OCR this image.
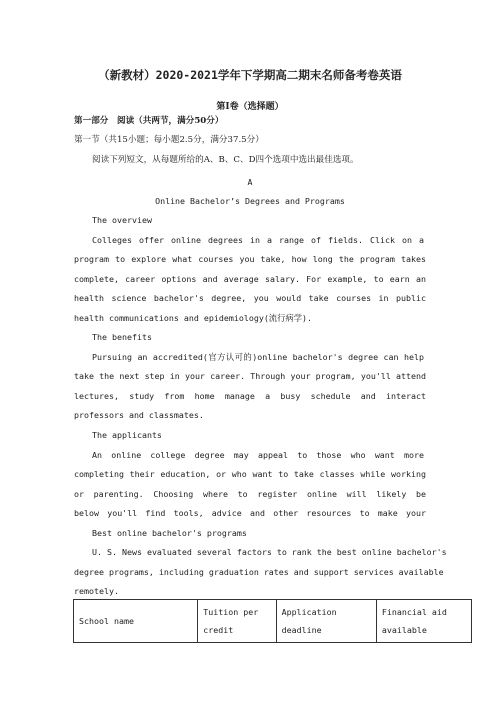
（新教材）2020-2021学年下学期高二期末名师备考卷英语
第Ⅰ卷（选择题）
第一部分　阅读（共两节，满分50分）
第一节（共15小题；每小题2.5分，满分37.5分）
阅读下列短文，从每题所给的A、B、C、D四个选项中选出最佳选项。
A
Online Bachelor’s Degrees and Programs
The overview
Colleges offer online degrees in a range of fields. Click on a
program to explore what courses you take, how long the program takes
complete, career options and average salary. For example, to earn an
health science bachelor's degree, you would take courses in public
health communications and epidemiology(流行病学).
The benefits
Pursuing an accredited(官方认可的)online bachelor's degree can help
take the next step in your career. Through your program, you'll attend
lectures, study from home manage a busy schedule and interact
professors and classmates.
The applicants
An online college degree may appeal to those who want more
completing their education, or who want to take classes while working
or parenting. Choosing where to register online will likely be
below you'll find tools, advice and other resources to make your
Best online bachelor's programs
U. S. News evaluated several factors to rank the best online bachelor's
degree programs, including graduation rates and support services available
remotely.
School name	Tuition per credit	Application deadline	Financial aid available
